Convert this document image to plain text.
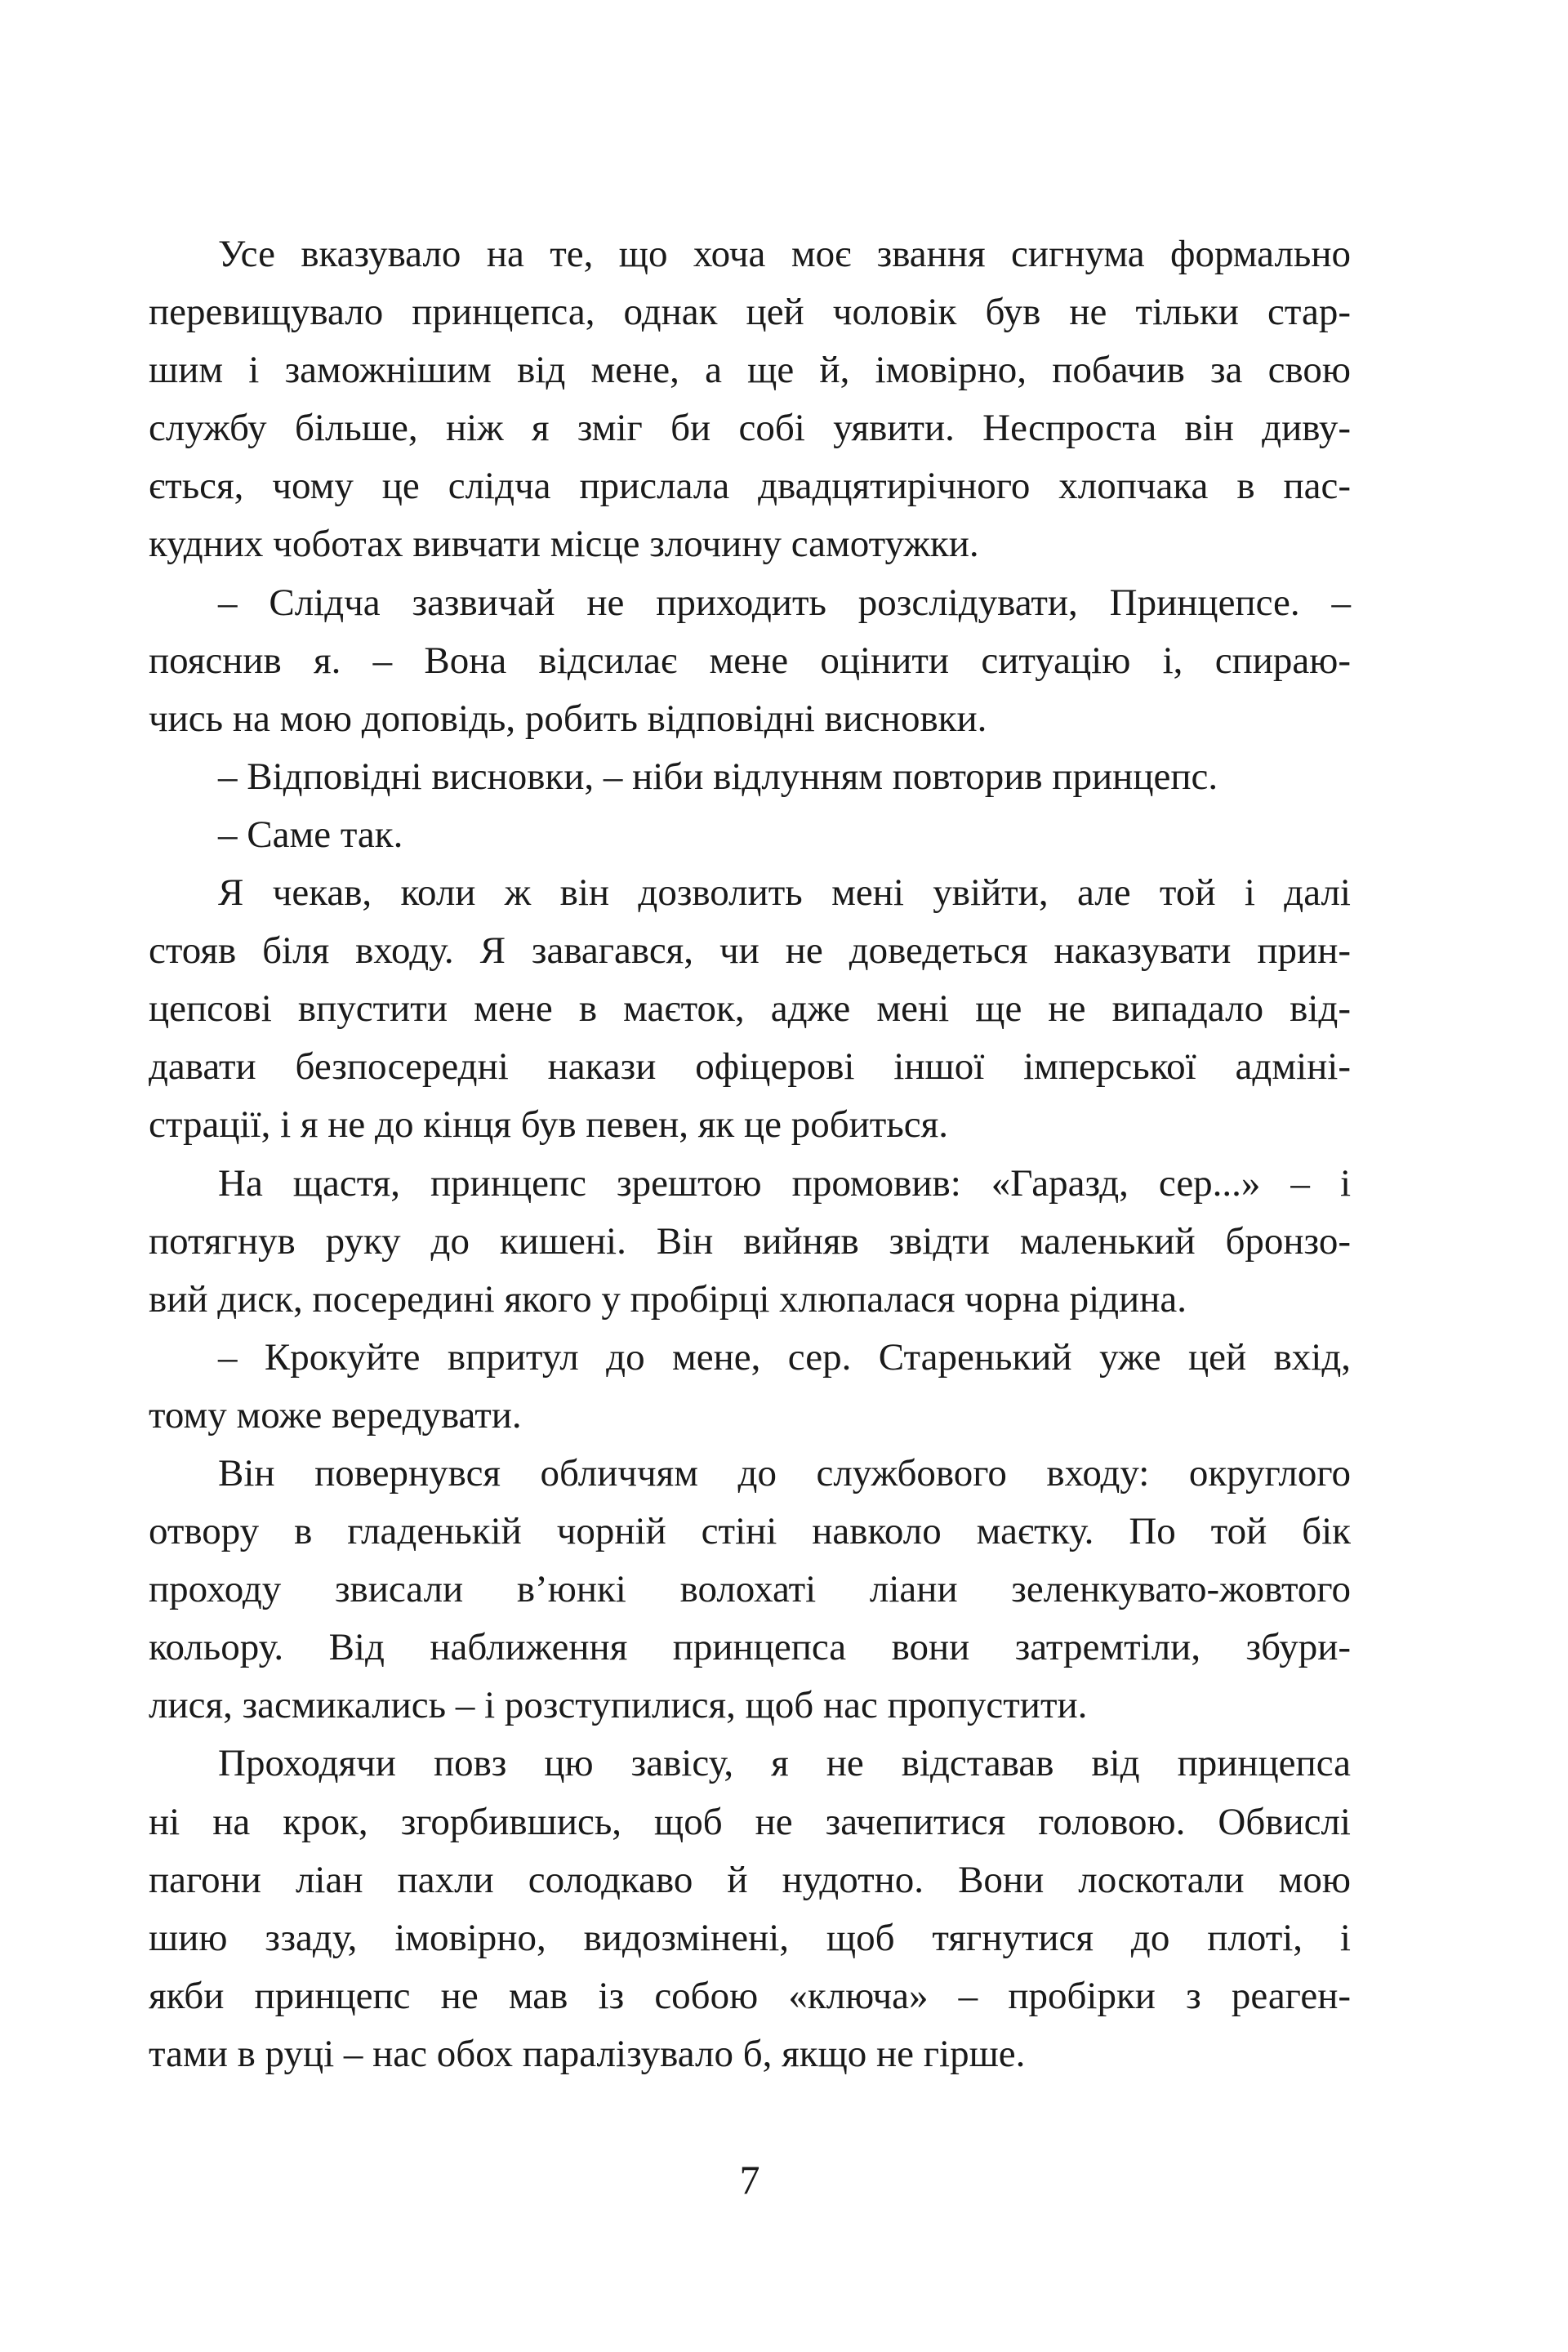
Усе вказувало на те, що хоча моє звання сигнума формально
перевищувало принцепса, однак цей чоловік був не тільки стар-
шим і заможнішим від мене, а ще й, імовірно, побачив за свою
службу більше, ніж я зміг би собі уявити. Неспроста він диву-
ється, чому це слідча прислала двадцятирічного хлопчака в пас-
кудних чоботах вивчати місце злочину самотужки.
– Слідча зазвичай не приходить розслідувати, Принцепсе. –
пояснив я. – Вона відсилає мене оцінити ситуацію і, спираю-
чись на мою доповідь, робить відповідні висновки.
– Відповідні висновки, – ніби відлунням повторив принцепс.
– Саме так.
Я чекав, коли ж він дозволить мені увійти, але той і далі
стояв біля входу. Я завагався, чи не доведеться наказувати прин-
цепсові впустити мене в маєток, адже мені ще не випадало від-
давати безпосередні накази офіцерові іншої імперської адміні-
страції, і я не до кінця був певен, як це робиться.
На щастя, принцепс зрештою промовив: «Гаразд, сер...» – і
потягнув руку до кишені. Він вийняв звідти маленький бронзо-
вий диск, посередині якого у пробірці хлюпалася чорна рідина.
– Крокуйте впритул до мене, сер. Старенький уже цей вхід,
тому може вередувати.
Він повернувся обличчям до службового входу: округлого
отвору в гладенькій чорній стіні навколо маєтку. По той бік
проходу звисали в’юнкі волохаті ліани зеленкувато-жовтого
кольору. Від наближення принцепса вони затремтіли, збури-
лися, засмикались – і розступилися, щоб нас пропустити.
Проходячи повз цю завісу, я не відставав від принцепса
ні на крок, згорбившись, щоб не зачепитися головою. Обвислі
пагони ліан пахли солодкаво й нудотно. Вони лоскотали мою
шию ззаду, імовірно, видозмінені, щоб тягнутися до плоті, і
якби принцепс не мав із собою «ключа» – пробірки з реаген-
тами в руці – нас обох паралізувало б, якщо не гірше.
7
